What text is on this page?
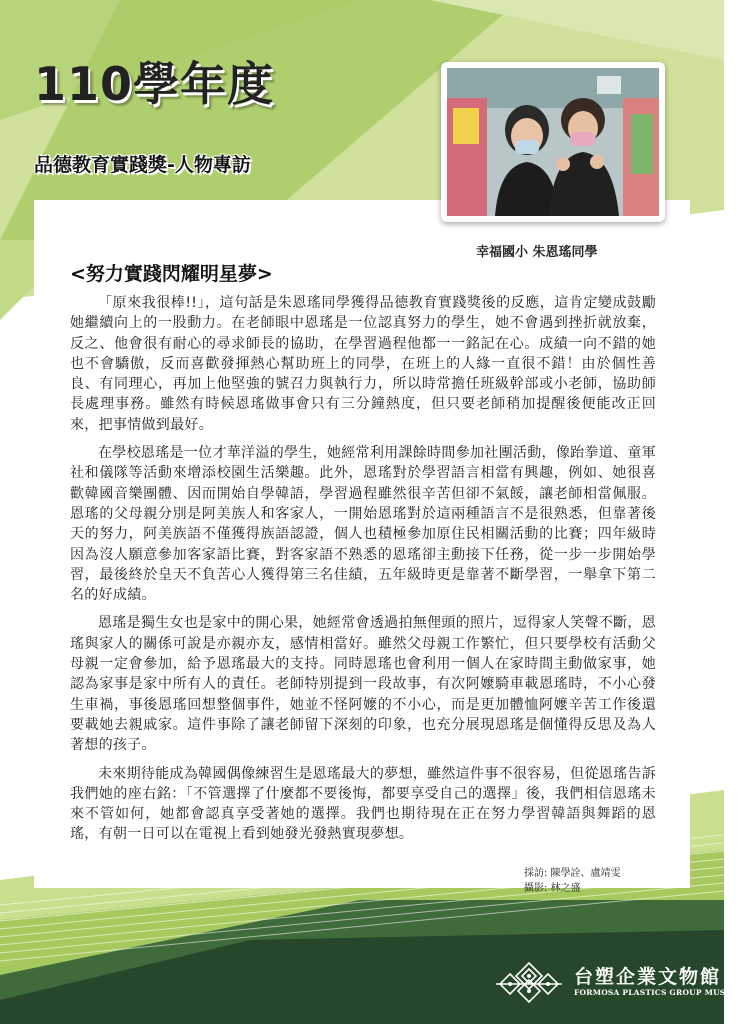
110學年度
品德教育實踐獎-人物專訪
幸福國小 朱恩瑤同學
<努力實踐閃耀明星夢>

「原來我很棒!!」，這句話是朱恩瑤同學獲得品德教育實踐獎後的反應，這肯定變成鼓勵她繼續向上的一股動力。在老師眼中恩瑤是一位認真努力的學生，她不會遇到挫折就放棄，反之、他會很有耐心的尋求師長的協助，在學習過程他都一一銘記在心。成績一向不錯的她也不會驕傲，反而喜歡發揮熱心幫助班上的同學，在班上的人緣一直很不錯！由於個性善良、有同理心，再加上他堅強的號召力與執行力，所以時常擔任班級幹部或小老師，協助師長處理事務。雖然有時候恩瑤做事會只有三分鐘熱度，但只要老師稍加提醒後便能改正回來，把事情做到最好。

在學校恩瑤是一位才華洋溢的學生，她經常利用課餘時間參加社團活動，像跆拳道、童軍社和儀隊等活動來增添校園生活樂趣。此外，恩瑤對於學習語言相當有興趣，例如、她很喜歡韓國音樂團體、因而開始自學韓語，學習過程雖然很辛苦但卻不氣餒，讓老師相當佩服。恩瑤的父母親分別是阿美族人和客家人，一開始恩瑤對於這兩種語言不是很熟悉，但靠著後天的努力，阿美族語不僅獲得族語認證，個人也積極參加原住民相關活動的比賽；四年級時因為沒人願意參加客家語比賽，對客家語不熟悉的恩瑤卻主動接下任務，從一步一步開始學習，最後終於皇天不負苦心人獲得第三名佳績，五年級時更是靠著不斷學習，一舉拿下第二名的好成績。

恩瑤是獨生女也是家中的開心果，她經常會透過拍無俚頭的照片，逗得家人笑聲不斷，恩瑤與家人的關係可說是亦親亦友，感情相當好。雖然父母親工作繁忙，但只要學校有活動父母親一定會參加，給予恩瑤最大的支持。同時恩瑤也會利用一個人在家時間主動做家事，她認為家事是家中所有人的責任。老師特別提到一段故事，有次阿嬤騎車載恩瑤時，不小心發生車禍，事後恩瑤回想整個事件，她並不怪阿嬤的不小心，而是更加體恤阿嬤辛苦工作後還要載她去親戚家。這件事除了讓老師留下深刻的印象，也充分展現恩瑤是個懂得反思及為人著想的孩子。

未來期待能成為韓國偶像練習生是恩瑤最大的夢想，雖然這件事不很容易，但從恩瑤告訴我們她的座右銘：「不管選擇了什麼都不要後悔，都要享受自己的選擇」後，我們相信恩瑤未來不管如何，她都會認真享受著她的選擇。我們也期待現在正在努力學習韓語與舞蹈的恩瑤，有朝一日可以在電視上看到她發光發熱實現夢想。

採訪: 陳學詮、盧靖雯
攝影: 林之盛
台塑企業文物館
FORMOSA PLASTICS GROUP MUSEUM
